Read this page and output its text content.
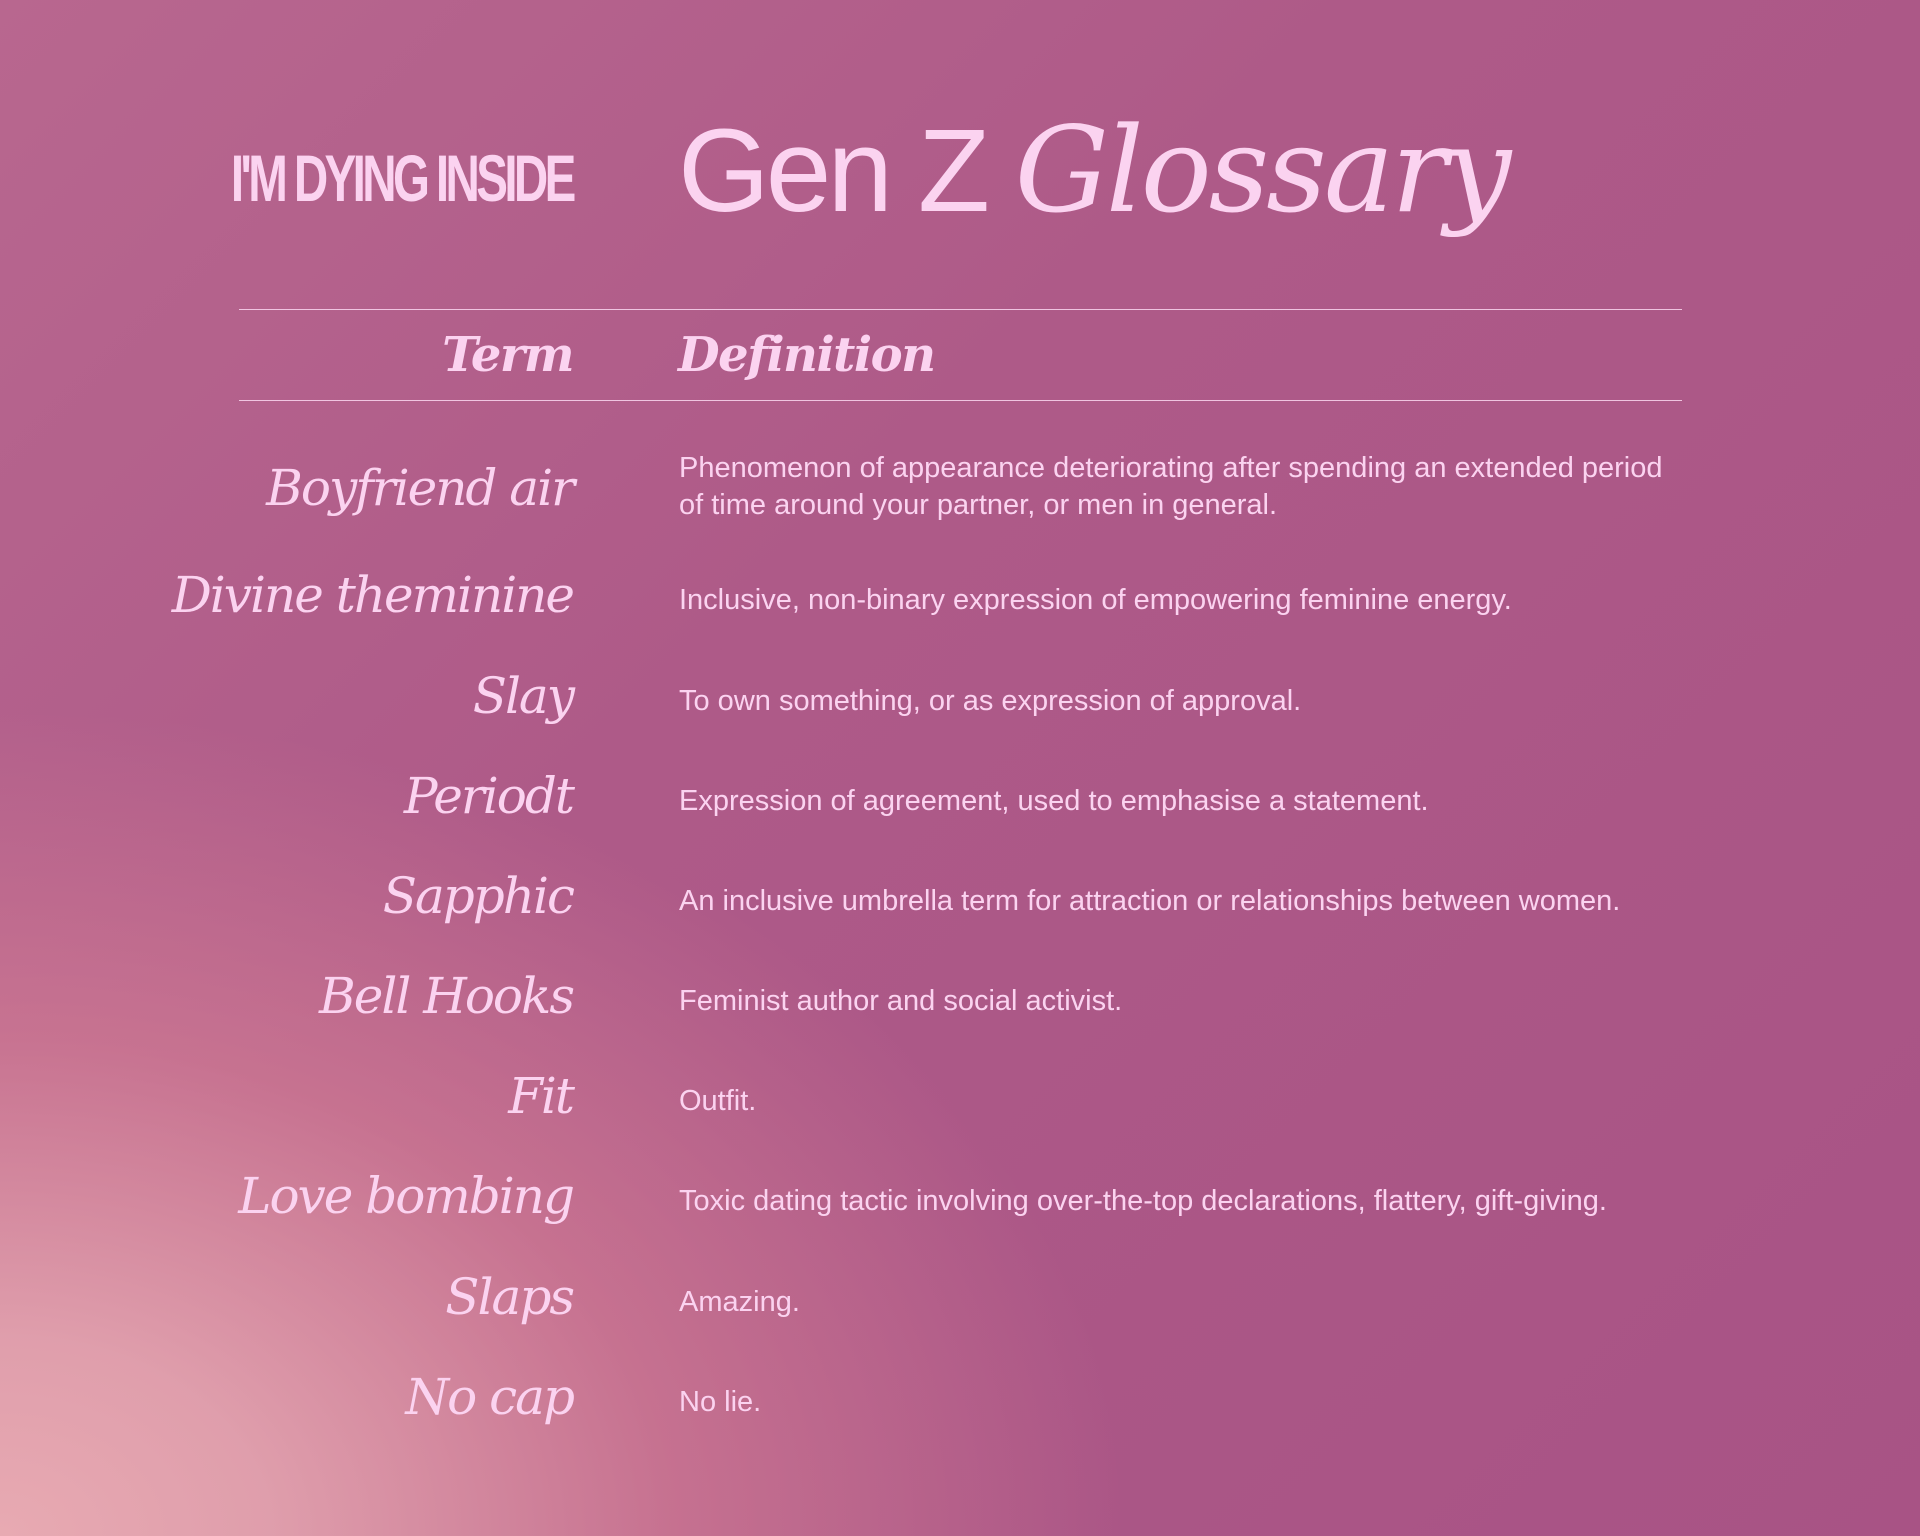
I'M DYING INSIDE Gen Z Glossary
Term Definition
Boyfriend air	Phenomenon of appearance deteriorating after spending an extended period of time around your partner, or men in general.
Divine theminine	Inclusive, non-binary expression of empowering feminine energy.
Slay	To own something, or as expression of approval.
Periodt	Expression of agreement, used to emphasise a statement.
Sapphic	An inclusive umbrella term for attraction or relationships between women.
Bell Hooks	Feminist author and social activist.
Fit	Outfit.
Love bombing	Toxic dating tactic involving over-the-top declarations, flattery, gift-giving.
Slaps	Amazing.
No cap	No lie.
